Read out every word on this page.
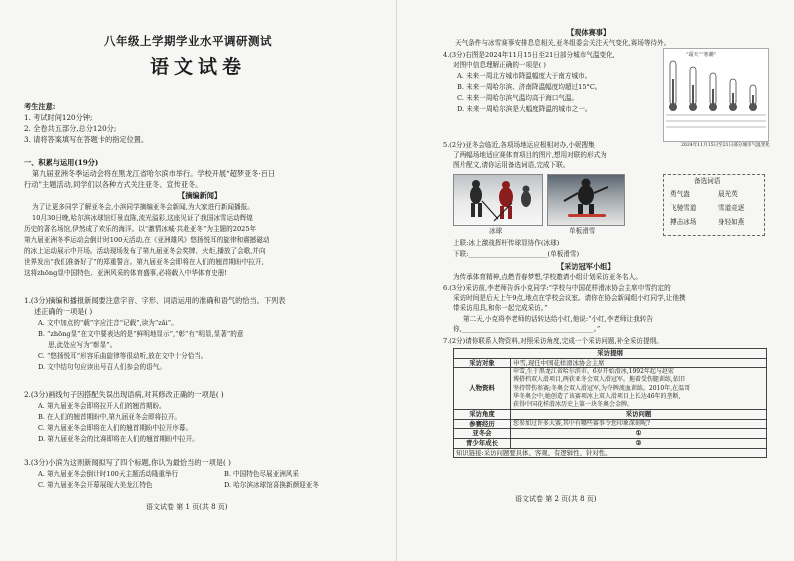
八年级上学期学业水平调研测试
语文试卷
考生注意:
1. 考试时间120分钟;
2. 全卷共五部分,总分120分;
3. 请将答案填写在答题卡的指定位置。
一、积累与运用(19分)
第九届亚洲冬季运动会将在黑龙江省哈尔滨市举行。学校开展“超梦亚冬·百日
行动”主题活动,同学们以各种方式关注亚冬、宣传亚冬。
【摘编新闻】
为了让更多同学了解亚冬会,小滨同学摘编亚冬会新闻,为大家进行新闻播报。
10月30日晚,哈尔滨冰球馆灯景直陈,流光溢彩,这座见证了我国冰雪运动辉煌
历史的著名场馆,伊然成了欢乐的海洋。以“激情冰城·共赴亚冬”为主题的2025年
第九届亚洲冬季运动会倒计时100天活动,在《亚洲雄风》悠扬悦耳的旋律和震撼磁动
的冰上运动展示中开场。活动现场发布了第九届亚冬会奖牌、火炬,播放了会歌,并向
世界发出“我们准备好了”的郑重誓言。第九届亚冬会即将在人们的翘首期盼中拉开,
这将zhōng显中国特色、亚洲风采的体育盛事,必将载入中华体育史册!
1.(3分)摘编和播报新闻要注意字音、字形、词语运用的准确和语气的恰当。下列表
述正确的一项是( )
A. 文中加点的“载”字应注音“记载”,读为“zǎi”。
B. “zhōng显”在文中要表达的是“鲜明地显示”,“彰”有“明显,显著”的意
思,此处应写为“彰显”。
C. “悠扬悦耳”形容乐曲旋律等很动听,放在文中十分恰当。
D. 文中结句句应读出号召人们参会的语气。
2.(3分)画线句子因搭配失误出现语病,对其修改正确的一项是( )
A. 第九届亚冬会即将拉开人们的翘首期盼。
B. 在人们的翘首期盼中,第九届亚冬会即将拉开。
C. 第九届亚冬会即将在人们的翘首期盼中拉开序幕。
D. 第九届亚冬会的比赛即将在人们的翘首期盼中拉开。
3.(3分)小滨为这则新闻拟写了四个标题,你认为最恰当的一项是( )
A. 第九届亚冬会倒计时100天主题活动隆重举行	B. 中国特色尽展亚洲风采
C. 第九届亚冬会开幕展现大美龙江特色	D. 哈尔滨冰球馆喜换新颜迎亚冬
语文试卷 第 1 页(共 8 页)
【观体赛事】
天气条件与冰雪赛事安排息息相关,亚冬组委会关注天气变化,赛场等待外。
4.(3分)右图是2024年11月15日至21日部分城市气温变化,
对图中信息理解正确的一项是( )
A. 未来一周北方城市降温幅度大于南方城市。
B. 未来一周哈尔滨、济南降温幅度均超过15°C。
C. 未来一周哈尔滨气温均高于海口气温。
D. 未来一周哈尔滨是大幅度降温的城市之一。
“霜天”“寒潮”
2024年11月15日至21日部分城市气温变化
5.(2分)亚冬会临近,各项场地运应根相对办,小妮搜集
了两幅场地适应赛体育项目的图片,想用对联的形式为
图片配文,请你运用备选词语,完成下联。
冰球	单板滑雪
备选词语
勇气盎	晨光英
飞驰雪道	雪道竞逐
搏击冰场	身轻如燕
上联:冰上激战挥杆传球显协作(冰球)
下联:________________________(单板滑雪)
【采访冠军小组】
为传承体育精神,点燃青春梦想,学校邀请小组计划采访亚冬名人。
6.(3分)采访前,李老师告诉小克同学:“学校与中国花样滑冰协会主席申雪约定的
采访时间是后天上午9点,地点在学校会议室。请你在协会新闻组小红同学,让他携
带采访用具,和你一起完成采访。”
第二天,小克将李老师的话转达给小红,他说:“小红,李老师让我转告
你,________________________________________。”
7.(2分)请你联系人物资料,对照采访角度,完成一个采访问题,补全采访提纲。
采访提纲	
采访对象	申雪,现任中国花样滑冰协会主席
人物资料	申雪,生于黑龙江省哈尔滨市。6岁开始滑冰,1992年起与赵宏
博搭档双人滑项目,两获亚冬会双人滑冠军。拖着受伤腿训练,依旧
坚持带伤参赛;冬奥会双人滑冠军,为夺牌流血训练。2010年,在温哥
华冬奥会中,她创造了该赛项冰上双人滑项目上长达46年的垄断,
获得中国花样滑冰历史上第一块冬奥会金牌。

采访角度	采访问题
参赛经历	您参加过许多大赛,其中有哪些赛事令您印象深刻呢?
亚冬会	①
青少年成长	②
知识链接:采访问题要具体、客观、有逻辑性、针对性。	
语文试卷 第 2 页(共 8 页)
